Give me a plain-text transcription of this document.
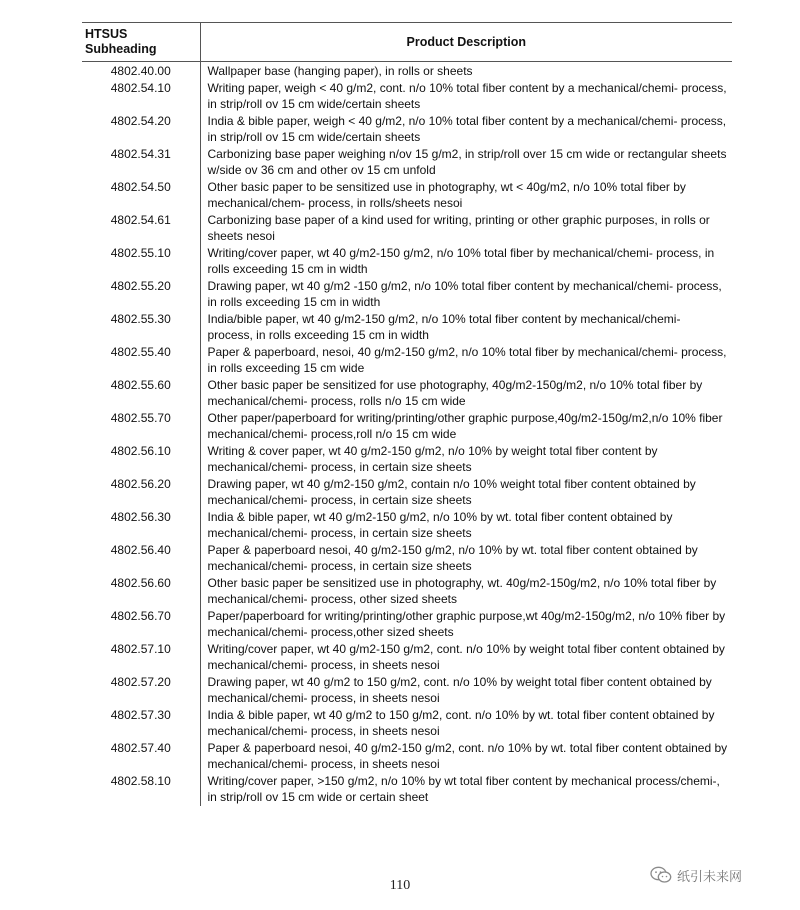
HTSUS
Subheading	Product Description
4802.40.00	Wallpaper base (hanging paper), in rolls or sheets
4802.54.10	Writing paper, weigh < 40 g/m2, cont. n/o 10% total fiber content by a mechanical/chemi- process, in strip/roll ov 15 cm wide/certain sheets
4802.54.20	India & bible paper, weigh < 40 g/m2, n/o 10% total fiber content by a mechanical/chemi- process, in strip/roll ov 15 cm wide/certain sheets
4802.54.31	Carbonizing base paper weighing n/ov 15 g/m2, in strip/roll over 15 cm wide or rectangular sheets w/side ov 36 cm and other ov 15 cm unfold
4802.54.50	Other basic paper to be sensitized use in photography, wt < 40g/m2, n/o 10% total fiber by mechanical/chem- process, in rolls/sheets nesoi
4802.54.61	Carbonizing base paper of a kind used for writing, printing or other graphic purposes, in rolls or sheets nesoi
4802.55.10	Writing/cover paper, wt 40 g/m2-150 g/m2, n/o 10% total fiber by mechanical/chemi- process, in rolls exceeding 15 cm in width
4802.55.20	Drawing paper, wt 40 g/m2 -150 g/m2, n/o 10% total fiber content by mechanical/chemi- process, in rolls exceeding 15 cm in width
4802.55.30	India/bible paper, wt 40 g/m2-150 g/m2, n/o 10% total fiber content by mechanical/chemi- process, in rolls exceeding 15 cm in width
4802.55.40	Paper & paperboard, nesoi, 40 g/m2-150 g/m2, n/o 10% total fiber by mechanical/chemi- process, in rolls exceeding 15 cm wide
4802.55.60	Other basic paper be sensitized for use photography, 40g/m2-150g/m2, n/o 10% total fiber by mechanical/chemi- process, rolls n/o 15 cm wide
4802.55.70	Other paper/paperboard for writing/printing/other graphic purpose,40g/m2-150g/m2,n/o 10% fiber mechanical/chemi- process,roll n/o 15 cm wide
4802.56.10	Writing & cover paper, wt 40 g/m2-150 g/m2, n/o 10% by weight total fiber content by mechanical/chemi- process, in certain size sheets
4802.56.20	Drawing paper, wt 40 g/m2-150 g/m2, contain n/o 10% weight total fiber content obtained by mechanical/chemi- process, in certain size sheets
4802.56.30	India & bible paper, wt 40 g/m2-150 g/m2, n/o 10% by wt. total fiber content obtained by mechanical/chemi- process, in certain size sheets
4802.56.40	Paper & paperboard nesoi, 40 g/m2-150 g/m2, n/o 10% by wt. total fiber content obtained by mechanical/chemi- process, in certain size sheets
4802.56.60	Other basic paper be sensitized use in photography, wt. 40g/m2-150g/m2, n/o 10% total fiber by mechanical/chemi- process, other sized sheets
4802.56.70	Paper/paperboard for writing/printing/other graphic purpose,wt 40g/m2-150g/m2, n/o 10% fiber by mechanical/chemi- process,other sized sheets
4802.57.10	Writing/cover paper, wt 40 g/m2-150 g/m2, cont. n/o 10% by weight total fiber content obtained by mechanical/chemi- process, in sheets nesoi
4802.57.20	Drawing paper, wt 40 g/m2 to 150 g/m2, cont. n/o 10% by weight total fiber content obtained by mechanical/chemi- process, in sheets nesoi
4802.57.30	India & bible paper, wt 40 g/m2 to 150 g/m2, cont. n/o 10% by wt. total fiber content obtained by mechanical/chemi- process, in sheets nesoi
4802.57.40	Paper & paperboard nesoi, 40 g/m2-150 g/m2, cont. n/o 10% by wt. total fiber content obtained by mechanical/chemi- process, in sheets nesoi
4802.58.10	Writing/cover paper, >150 g/m2, n/o 10% by wt total fiber content by mechanical process/chemi-, in strip/roll ov 15 cm wide or certain sheet
110
纸引未来网
